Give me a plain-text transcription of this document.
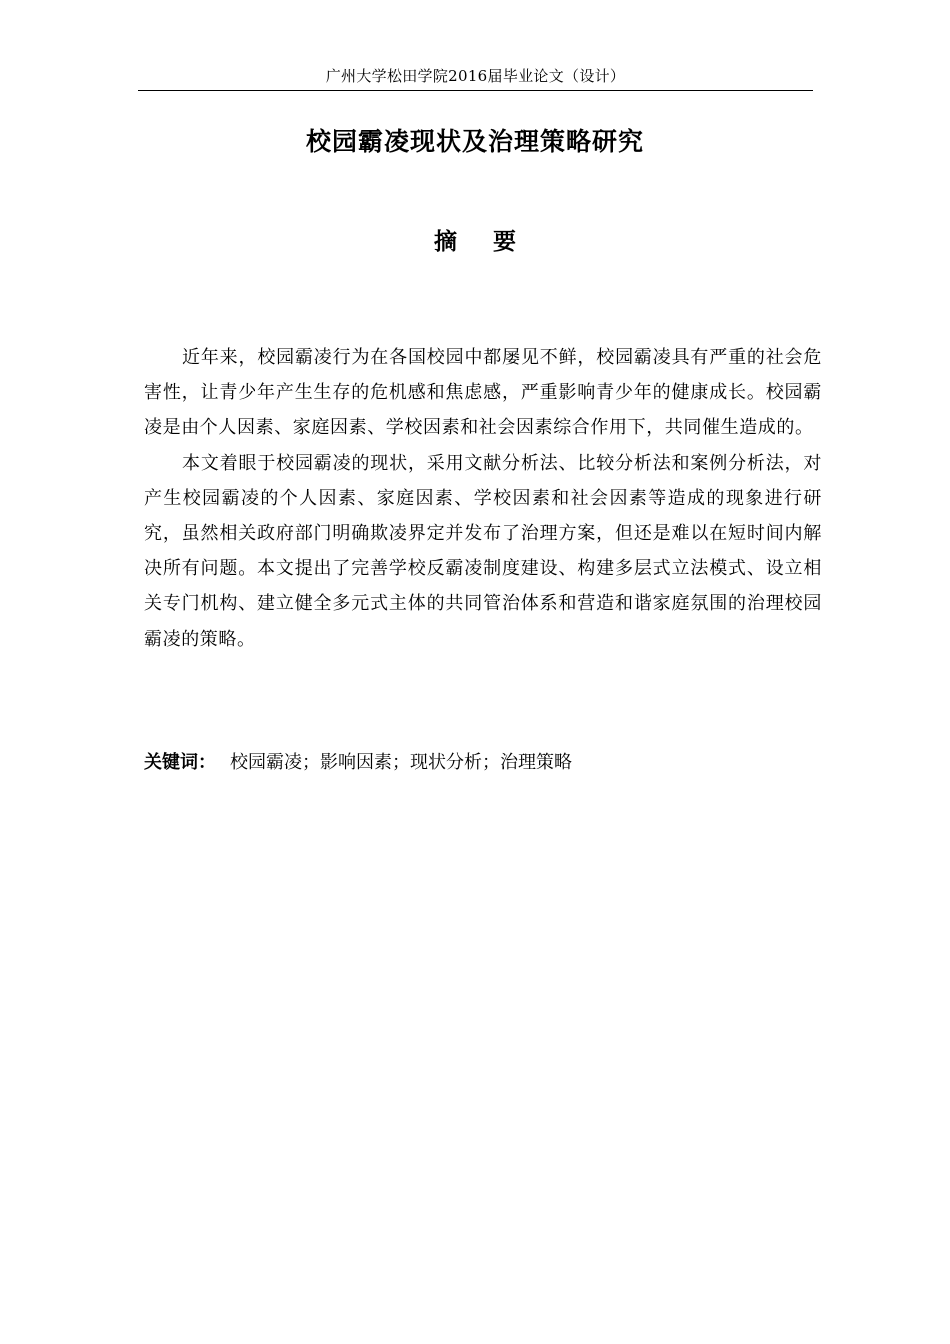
广州大学松田学院2016届毕业论文（设计）
校园霸凌现状及治理策略研究
摘 要

近年来，校园霸凌行为在各国校园中都屡见不鲜，校园霸凌具有严重的社会危害性，让青少年产生生存的危机感和焦虑感，严重影响青少年的健康成长。校园霸凌是由个人因素、家庭因素、学校因素和社会因素综合作用下，共同催生造成的。

本文着眼于校园霸凌的现状，采用文献分析法、比较分析法和案例分析法，对产生校园霸凌的个人因素、家庭因素、学校因素和社会因素等造成的现象进行研究，虽然相关政府部门明确欺凌界定并发布了治理方案，但还是难以在短时间内解决所有问题。本文提出了完善学校反霸凌制度建设、构建多层式立法模式、设立相关专门机构、建立健全多元式主体的共同管治体系和营造和谐家庭氛围的治理校园霸凌的策略。

关键词： 校园霸凌；影响因素；现状分析；治理策略
